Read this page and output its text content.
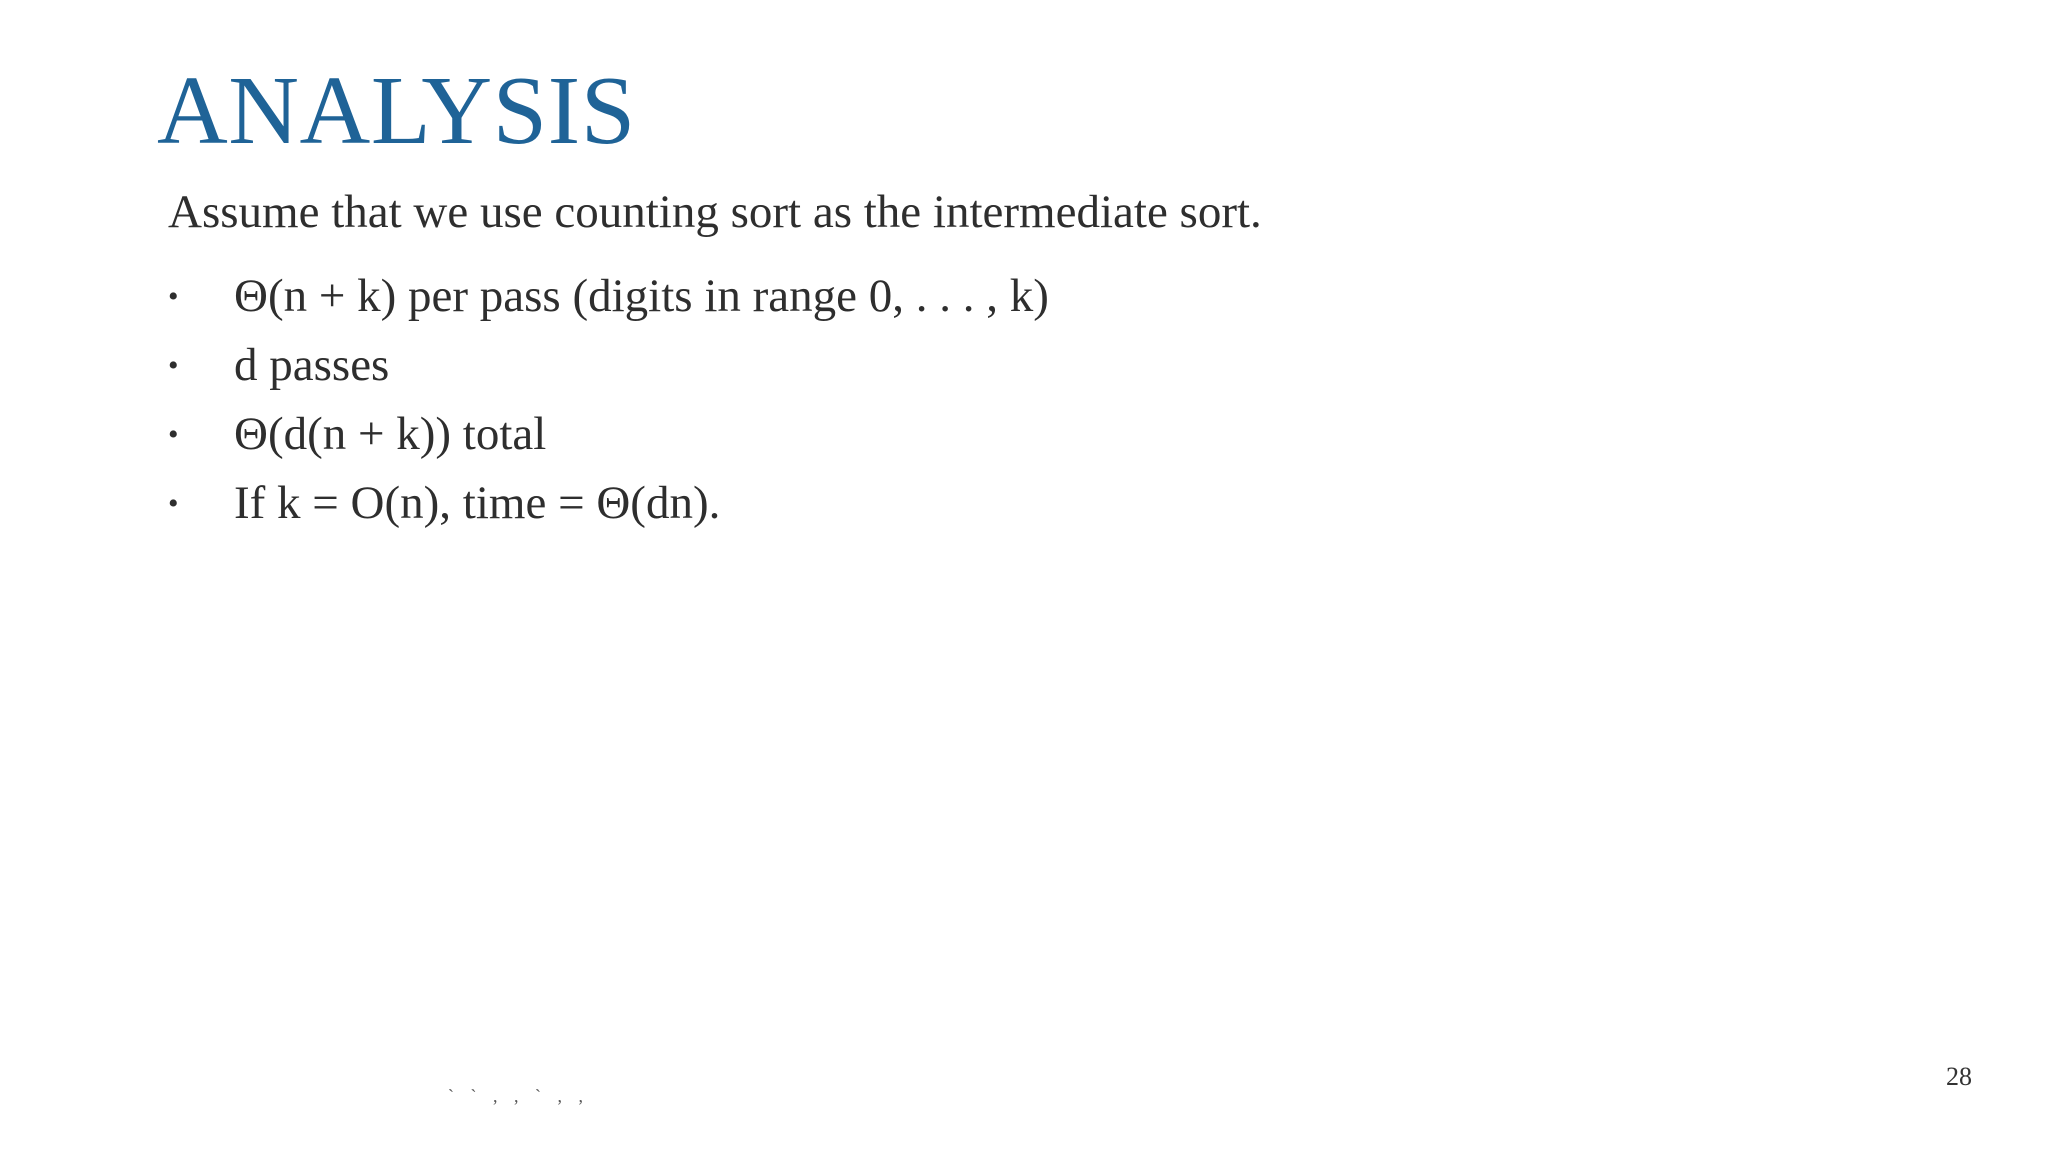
ANALYSIS

Assume that we use counting sort as the intermediate sort.

• Θ(n + k) per pass (digits in range 0, . . . , k)
• d passes
• Θ(d(n + k)) total
• If k = O(n), time = Θ(dn).
` ` , , ` , ,
28
